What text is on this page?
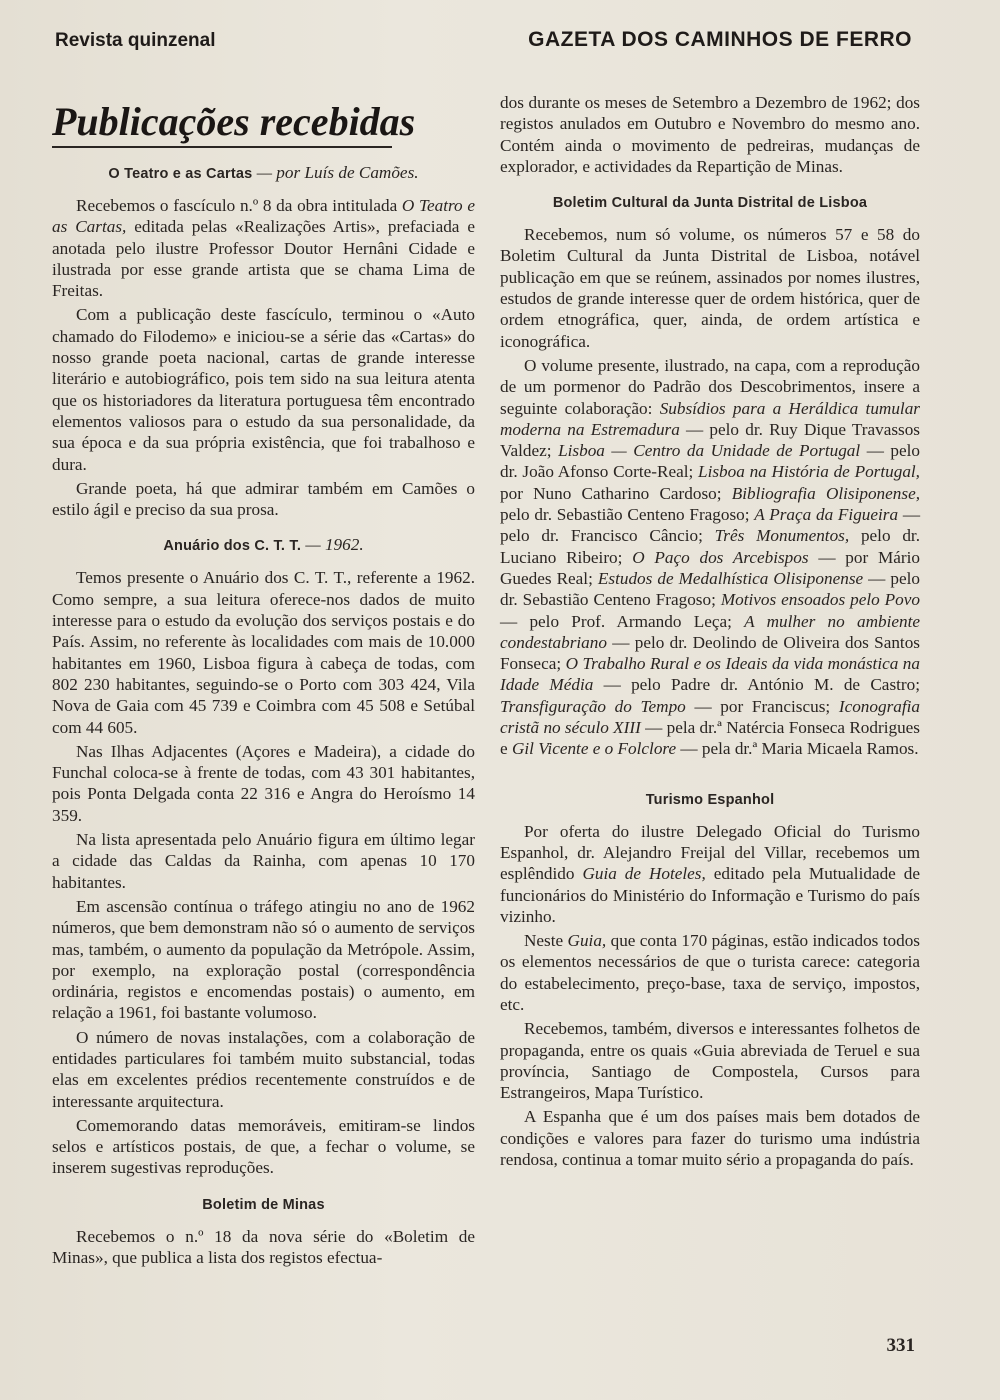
Revista quinzenal	GAZETA DOS CAMINHOS DE FERRO
Publicações recebidas
O Teatro e as Cartas — por Luís de Camões.

Recebemos o fascículo n.º 8 da obra intitulada O Teatro e as Cartas, editada pelas «Realizações Artis», prefaciada e anotada pelo ilustre Professor Doutor Hernâni Cidade e ilustrada por esse grande artista que se chama Lima de Freitas.

Com a publicação deste fascículo, terminou o «Auto chamado do Filodemo» e iniciou-se a série das «Cartas» do nosso grande poeta nacional, cartas de grande interesse literário e autobiográfico, pois tem sido na sua leitura atenta que os historiadores da literatura portuguesa têm encontrado elementos valiosos para o estudo da sua personalidade, da sua época e da sua própria existência, que foi trabalhoso e dura.

Grande poeta, há que admirar também em Camões o estilo ágil e preciso da sua prosa.

Anuário dos C. T. T. — 1962.

Temos presente o Anuário dos C. T. T., referente a 1962. Como sempre, a sua leitura oferece-nos dados de muito interesse para o estudo da evolução dos serviços postais e do País. Assim, no referente às localidades com mais de 10.000 habitantes em 1960, Lisboa figura à cabeça de todas, com 802 230 habitantes, seguindo-se o Porto com 303 424, Vila Nova de Gaia com 45 739 e Coimbra com 45 508 e Setúbal com 44 605.

Nas Ilhas Adjacentes (Açores e Madeira), a cidade do Funchal coloca-se à frente de todas, com 43 301 habitantes, pois Ponta Delgada conta 22 316 e Angra do Heroísmo 14 359.

Na lista apresentada pelo Anuário figura em último legar a cidade das Caldas da Rainha, com apenas 10 170 habitantes.

Em ascensão contínua o tráfego atingiu no ano de 1962 números, que bem demonstram não só o aumento de serviços mas, também, o aumento da população da Metrópole. Assim, por exemplo, na exploração postal (correspondência ordinária, registos e encomendas postais) o aumento, em relação a 1961, foi bastante volumoso.

O número de novas instalações, com a colaboração de entidades particulares foi também muito substancial, todas elas em excelentes prédios recentemente construídos e de interessante arquitectura.

Comemorando datas memoráveis, emitiram-se lindos selos e artísticos postais, de que, a fechar o volume, se inserem sugestivas reproduções.

Boletim de Minas

Recebemos o n.º 18 da nova série do «Boletim de Minas», que publica a lista dos registos efectua-

dos durante os meses de Setembro a Dezembro de 1962; dos registos anulados em Outubro e Novembro do mesmo ano. Contém ainda o movimento de pedreiras, mudanças de explorador, e actividades da Repartição de Minas.

Boletim Cultural da Junta Distrital de Lisboa

Recebemos, num só volume, os números 57 e 58 do Boletim Cultural da Junta Distrital de Lisboa, notável publicação em que se reúnem, assinados por nomes ilustres, estudos de grande interesse quer de ordem histórica, quer de ordem etnográfica, quer, ainda, de ordem artística e iconográfica.

O volume presente, ilustrado, na capa, com a reprodução de um pormenor do Padrão dos Descobrimentos, insere a seguinte colaboração: Subsídios para a Heráldica tumular moderna na Estremadura — pelo dr. Ruy Dique Travassos Valdez; Lisboa — Centro da Unidade de Portugal — pelo dr. João Afonso Corte-Real; Lisboa na História de Portugal, por Nuno Catharino Cardoso; Bibliografia Olisiponense, pelo dr. Sebastião Centeno Fragoso; A Praça da Figueira — pelo dr. Francisco Câncio; Três Monumentos, pelo dr. Luciano Ribeiro; O Paço dos Arcebispos — por Mário Guedes Real; Estudos de Medalhística Olisiponense — pelo dr. Sebastião Centeno Fragoso; Motivos ensoados pelo Povo — pelo Prof. Armando Leça; A mulher no ambiente condestabriano — pelo dr. Deolindo de Oliveira dos Santos Fonseca; O Trabalho Rural e os Ideais da vida monástica na Idade Média — pelo Padre dr. António M. de Castro; Transfiguração do Tempo — por Franciscus; Iconografia cristã no século XIII — pela dr.ª Natércia Fonseca Rodrigues e Gil Vicente e o Folclore — pela dr.ª Maria Micaela Ramos.

Turismo Espanhol

Por oferta do ilustre Delegado Oficial do Turismo Espanhol, dr. Alejandro Freijal del Villar, recebemos um esplêndido Guia de Hoteles, editado pela Mutualidade de funcionários do Ministério do Informação e Turismo do país vizinho.

Neste Guia, que conta 170 páginas, estão indicados todos os elementos necessários de que o turista carece: categoria do estabelecimento, preço-base, taxa de serviço, impostos, etc.

Recebemos, também, diversos e interessantes folhetos de propaganda, entre os quais «Guia abreviada de Teruel e sua província, Santiago de Compostela, Cursos para Estrangeiros, Mapa Turístico.

A Espanha que é um dos países mais bem dotados de condições e valores para fazer do turismo uma indústria rendosa, continua a tomar muito sério a propaganda do país.

331
